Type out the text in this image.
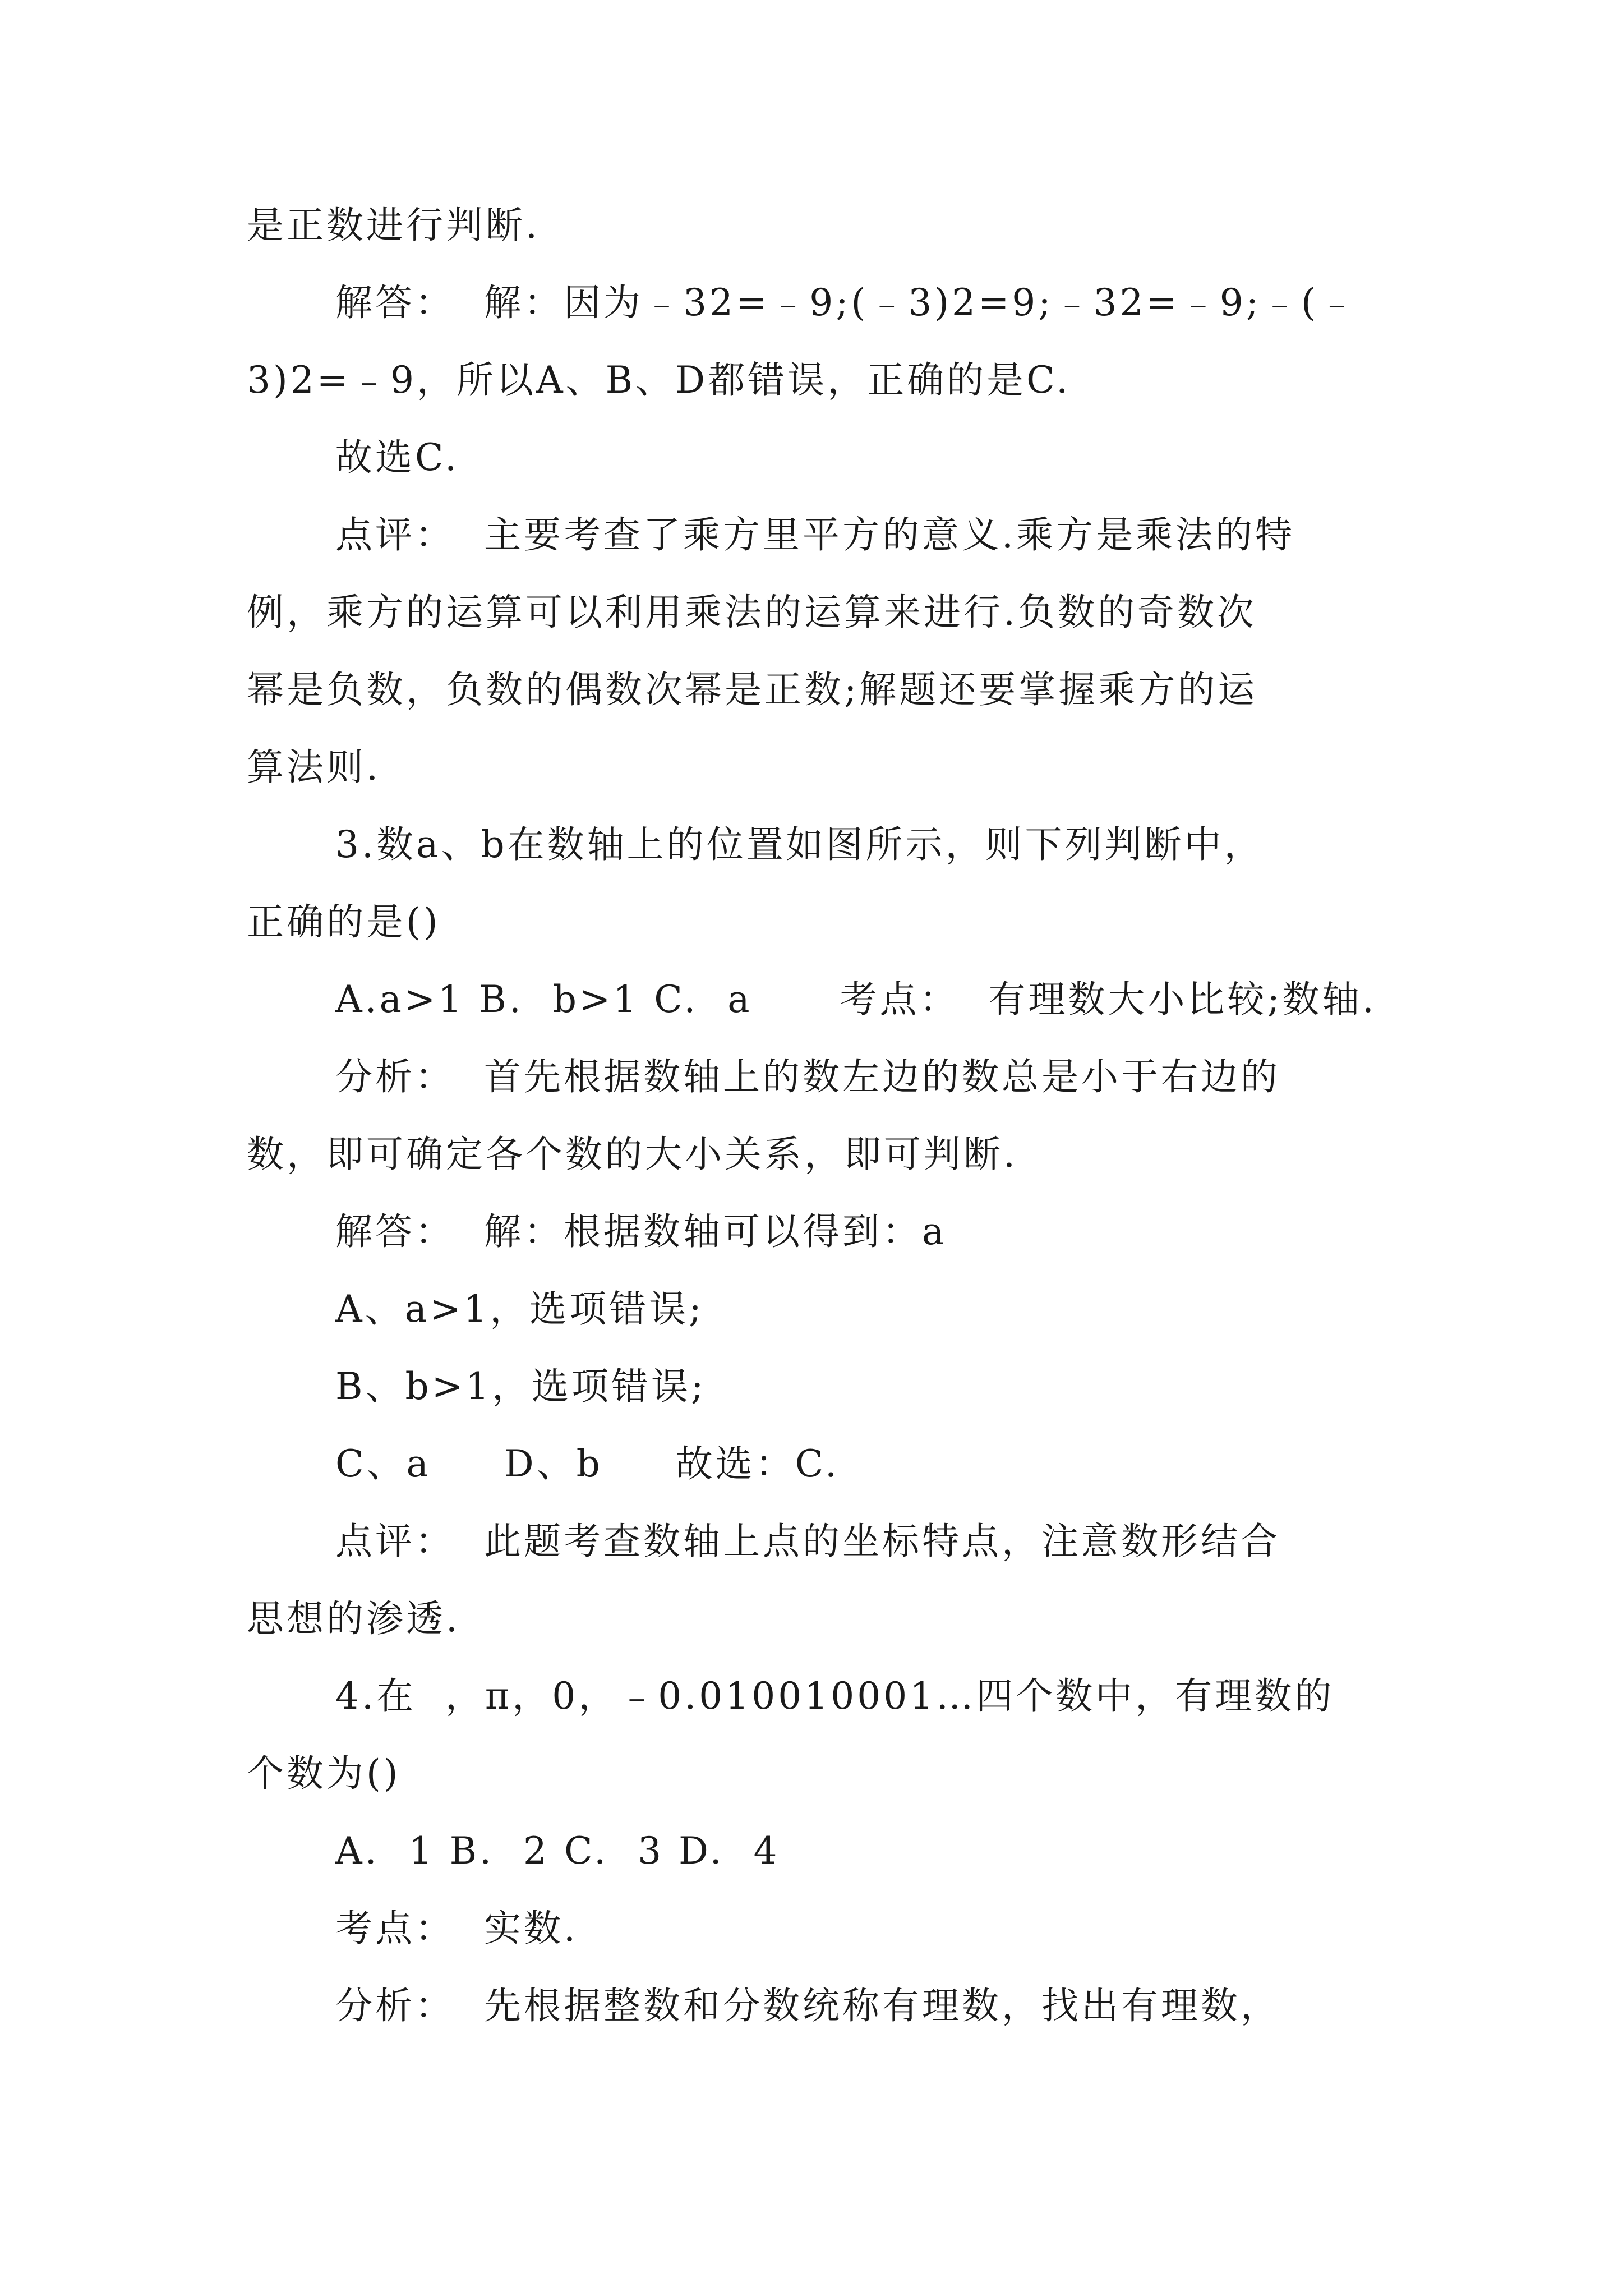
是正数进行判断.
解答：  解：因为﹣32=﹣9;(﹣3)2=9;﹣32=﹣9;﹣(﹣
3)2=﹣9，所以A、B、D都错误，正确的是C.
故选C.
点评：  主要考查了乘方里平方的意义.乘方是乘法的特
例，乘方的运算可以利用乘法的运算来进行.负数的奇数次
幂是负数，负数的偶数次幂是正数;解题还要掌握乘方的运
算法则.
3.数a、b在数轴上的位置如图所示，则下列判断中，
正确的是()
A.a>1 B.  b>1 C.  a      考点：  有理数大小比较;数轴.
分析：  首先根据数轴上的数左边的数总是小于右边的
数，即可确定各个数的大小关系，即可判断.
解答：  解：根据数轴可以得到：a
A、a>1，选项错误;
B、b>1，选项错误;
C、a     D、b     故选：C.
点评：  此题考查数轴上点的坐标特点，注意数形结合
思想的渗透.
4.在  ，π，0，﹣0.010010001…四个数中，有理数的
个数为()
A.  1 B.  2 C.  3 D.  4
考点：  实数.
分析：  先根据整数和分数统称有理数，找出有理数，
